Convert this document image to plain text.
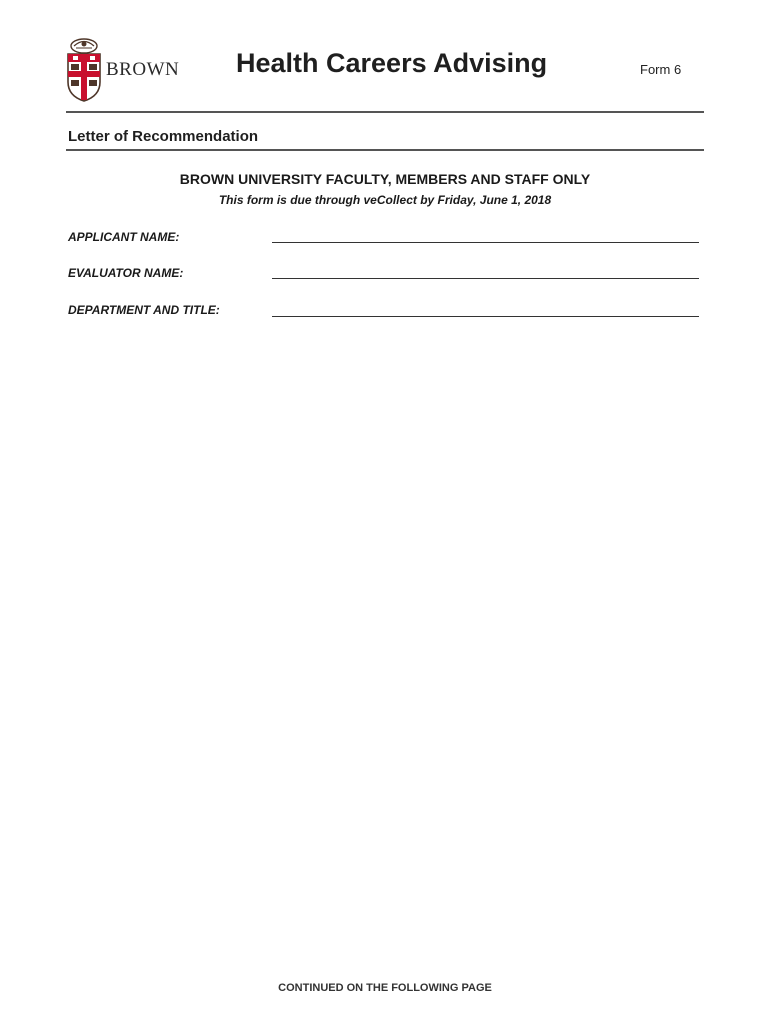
BROWN Health Careers Advising	Form 6
Letter of Recommendation
BROWN UNIVERSITY FACULTY, MEMBERS AND STAFF ONLY
This form is due through veCollect by Friday, June 1, 2018
APPLICANT NAME:
EVALUATOR NAME:
DEPARTMENT AND TITLE:
CONTINUED ON THE FOLLOWING PAGE
